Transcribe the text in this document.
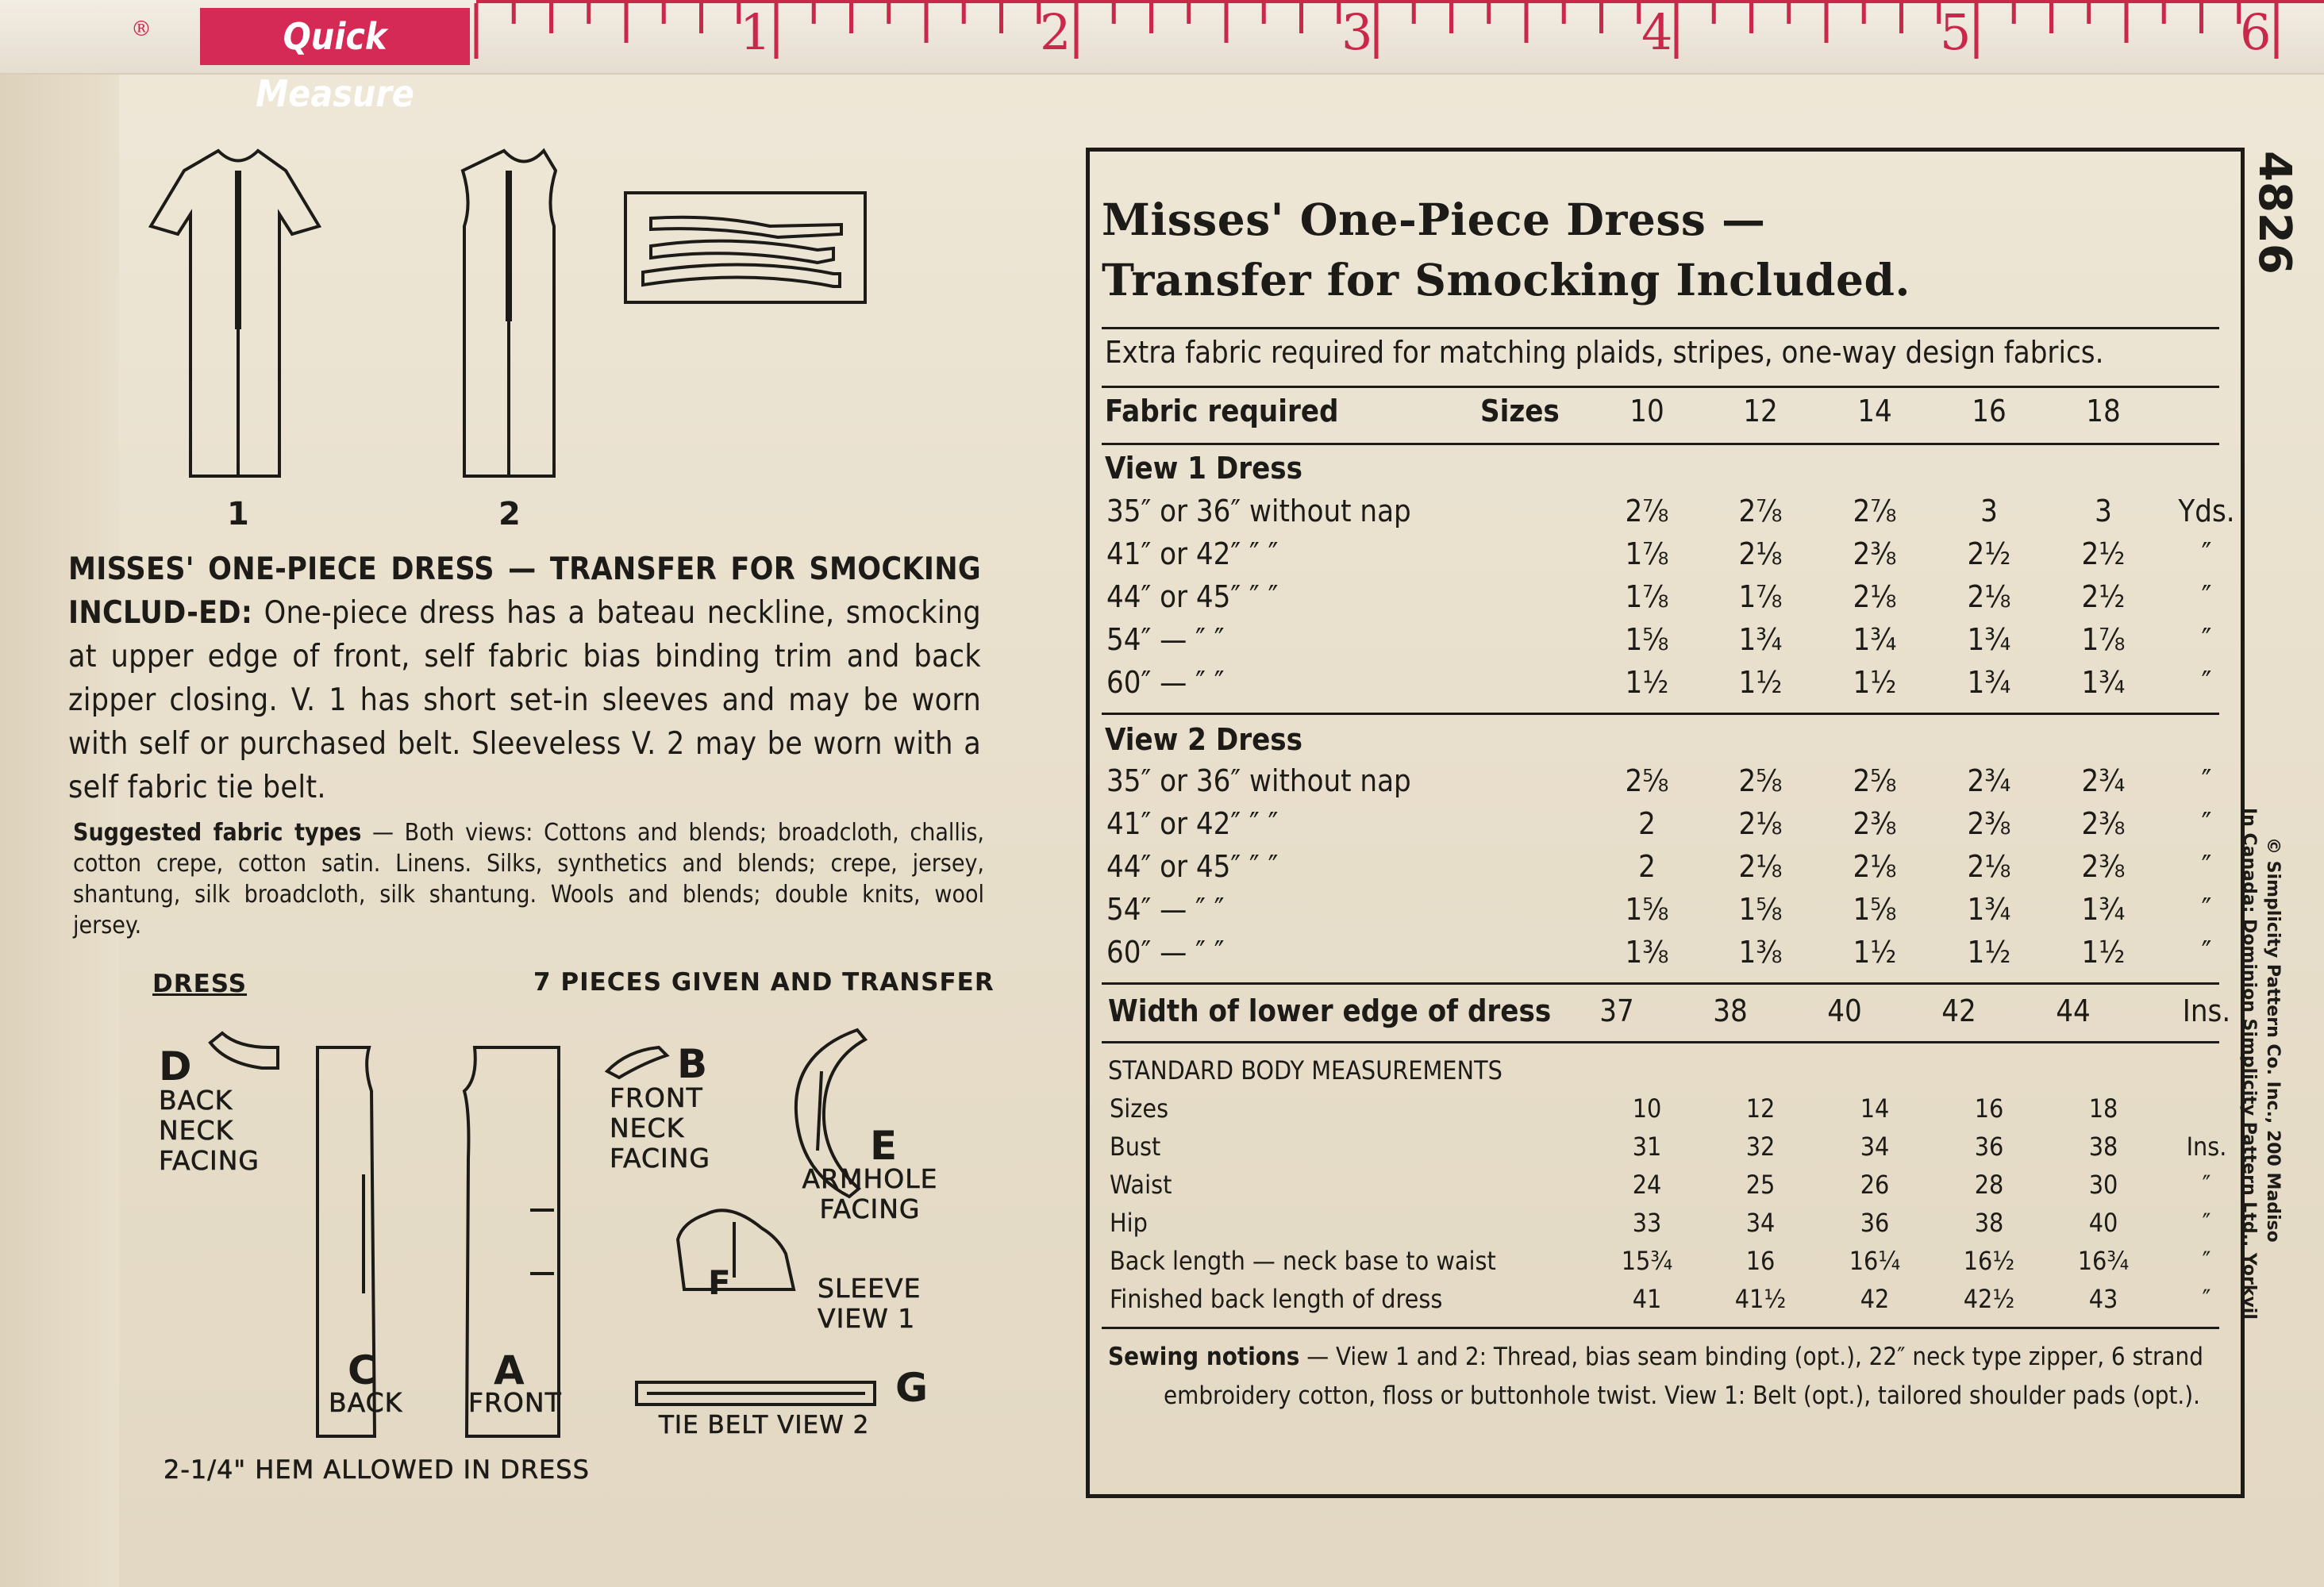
®	Quick Measure
1	2	3	4	5	6
1	2
MISSES' ONE-PIECE DRESS — TRANSFER FOR SMOCKING INCLUD-ED: One-piece dress has a bateau neckline, smocking at upper edge of front, self fabric bias binding trim and back zipper closing. V. 1 has short set-in sleeves and may be worn with self or purchased belt. Sleeveless V. 2 may be worn with a self fabric tie belt.
Suggested fabric types — Both views: Cottons and blends; broadcloth, challis, cotton crepe, cotton satin. Linens. Silks, synthetics and blends; crepe, jersey, shantung, silk broadcloth, silk shantung. Wools and blends; double knits, wool jersey.
DRESS	7 PIECES GIVEN AND TRANSFER
D
BACK NECK FACING
B
FRONT NECK FACING	E
ARMHOLE FACING
C
BACK
A
FRONT
F	SLEEVE VIEW 1
G
TIE BELT VIEW 2
2-1/4" HEM ALLOWED IN DRESS
4826
Misses' One-Piece Dress —
Transfer for Smocking Included.
Extra fabric required for matching plaids, stripes, one-way design fabrics.
Fabric required	Sizes	10	12	14	16	18
View 1 Dress
35″ or 36″ without nap	2⅞	2⅞	2⅞	3	3	Yds.
41″ or 42″ ″ ″	1⅞	2⅛	2⅜	2½	2½	″
44″ or 45″ ″ ″	1⅞	1⅞	2⅛	2⅛	2½	″
54″ — ″ ″	1⅝	1¾	1¾	1¾	1⅞	″
60″ — ″ ″	1½	1½	1½	1¾	1¾	″
View 2 Dress
35″ or 36″ without nap	2⅝	2⅝	2⅝	2¾	2¾	″
41″ or 42″ ″ ″	2	2⅛	2⅜	2⅜	2⅜	″
44″ or 45″ ″ ″	2	2⅛	2⅛	2⅛	2⅜	″
54″ — ″ ″	1⅝	1⅝	1⅝	1¾	1¾	″
60″ — ″ ″	1⅜	1⅜	1½	1½	1½	″
Width of lower edge of dress	37	38	40	42	44	Ins.
STANDARD BODY MEASUREMENTS
Sizes	10	12	14	16	18
Bust	31	32	34	36	38	Ins.
Waist	24	25	26	28	30	″
Hip	33	34	36	38	40	″
Back length — neck base to waist	15¾	16	16¼	16½	16¾	″
Finished back length of dress	41	41½	42	42½	43	″
Sewing notions — View 1 and 2: Thread, bias seam binding (opt.), 22″ neck type zipper, 6 strand embroidery cotton, floss or buttonhole twist. View 1: Belt (opt.), tailored shoulder pads (opt.).
© Simplicity Pattern Co. Inc., 200 Madiso
In Canada: Dominion Simplicity Pattern Ltd., Yorkvil
